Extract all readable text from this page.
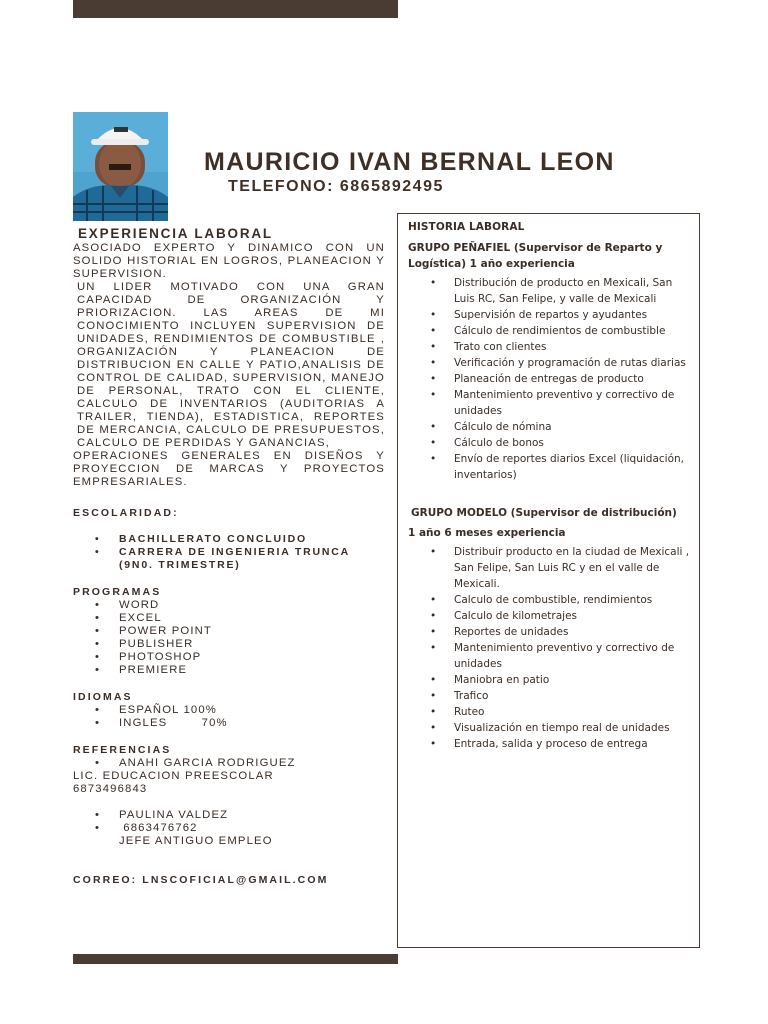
MAURICIO IVAN BERNAL LEON
TELEFONO: 6865892495
EXPERIENCIA LABORAL

ASOCIADO EXPERTO Y DINAMICO CON UN SOLIDO HISTORIAL EN LOGROS, PLANEACION Y SUPERVISION.

UN LIDER MOTIVADO CON UNA GRAN CAPACIDAD DE ORGANIZACIÓN Y PRIORIZACION. LAS AREAS DE MI CONOCIMIENTO INCLUYEN SUPERVISION DE UNIDADES, RENDIMIENTOS DE COMBUSTIBLE , ORGANIZACIÓN Y PLANEACION DE DISTRIBUCION EN CALLE Y PATIO,ANALISIS DE CONTROL DE CALIDAD, SUPERVISION, MANEJO DE PERSONAL, TRATO CON EL CLIENTE, CALCULO DE INVENTARIOS (AUDITORIAS A TRAILER, TIENDA), ESTADISTICA, REPORTES DE MERCANCIA, CALCULO DE PRESUPUESTOS, CALCULO DE PERDIDAS Y GANANCIAS,

OPERACIONES GENERALES EN DISEÑOS Y PROYECCION DE MARCAS Y PROYECTOS EMPRESARIALES.

ESCOLARIDAD:
• BACHILLERATO CONCLUIDO
• CARRERA DE INGENIERIA TRUNCA (9N0. TRIMESTRE)
PROGRAMAS
• WORD
• EXCEL
• POWER POINT
• PUBLISHER
• PHOTOSHOP
• PREMIERE
IDIOMAS
• ESPAÑOL 100%
• INGLES        70%
REFERENCIAS
• ANAHI GARCIA RODRIGUEZ

LIC. EDUCACION PREESCOLAR

6873496843

• PAULINA VALDEZ
•  6863476762

JEFE ANTIGUO EMPLEO

CORREO: LNSCOFICIAL@GMAIL.COM
HISTORIA LABORAL
GRUPO PEÑAFIEL (Supervisor de Reparto y Logística) 1 año experiencia
• Distribución de producto en Mexicali, San Luis RC, San Felipe, y valle de Mexicali
• Supervisión de repartos y ayudantes
• Cálculo de rendimientos de combustible
• Trato con clientes
• Verificación y programación de rutas diarias
• Planeación de entregas de producto
• Mantenimiento preventivo y correctivo de unidades
• Cálculo de nómina
• Cálculo de bonos
• Envío de reportes diarios Excel (liquidación, inventarios)
GRUPO MODELO (Supervisor de distribución)
1 año 6 meses experiencia
• Distribuir producto en la ciudad de Mexicali , San Felipe, San Luis RC y en el valle de Mexicali.
• Calculo de combustible, rendimientos
• Calculo de kilometrajes
• Reportes de unidades
• Mantenimiento preventivo y correctivo de unidades
• Maniobra en patio
• Trafico
• Ruteo
• Visualización en tiempo real de unidades
• Entrada, salida y proceso de entrega
